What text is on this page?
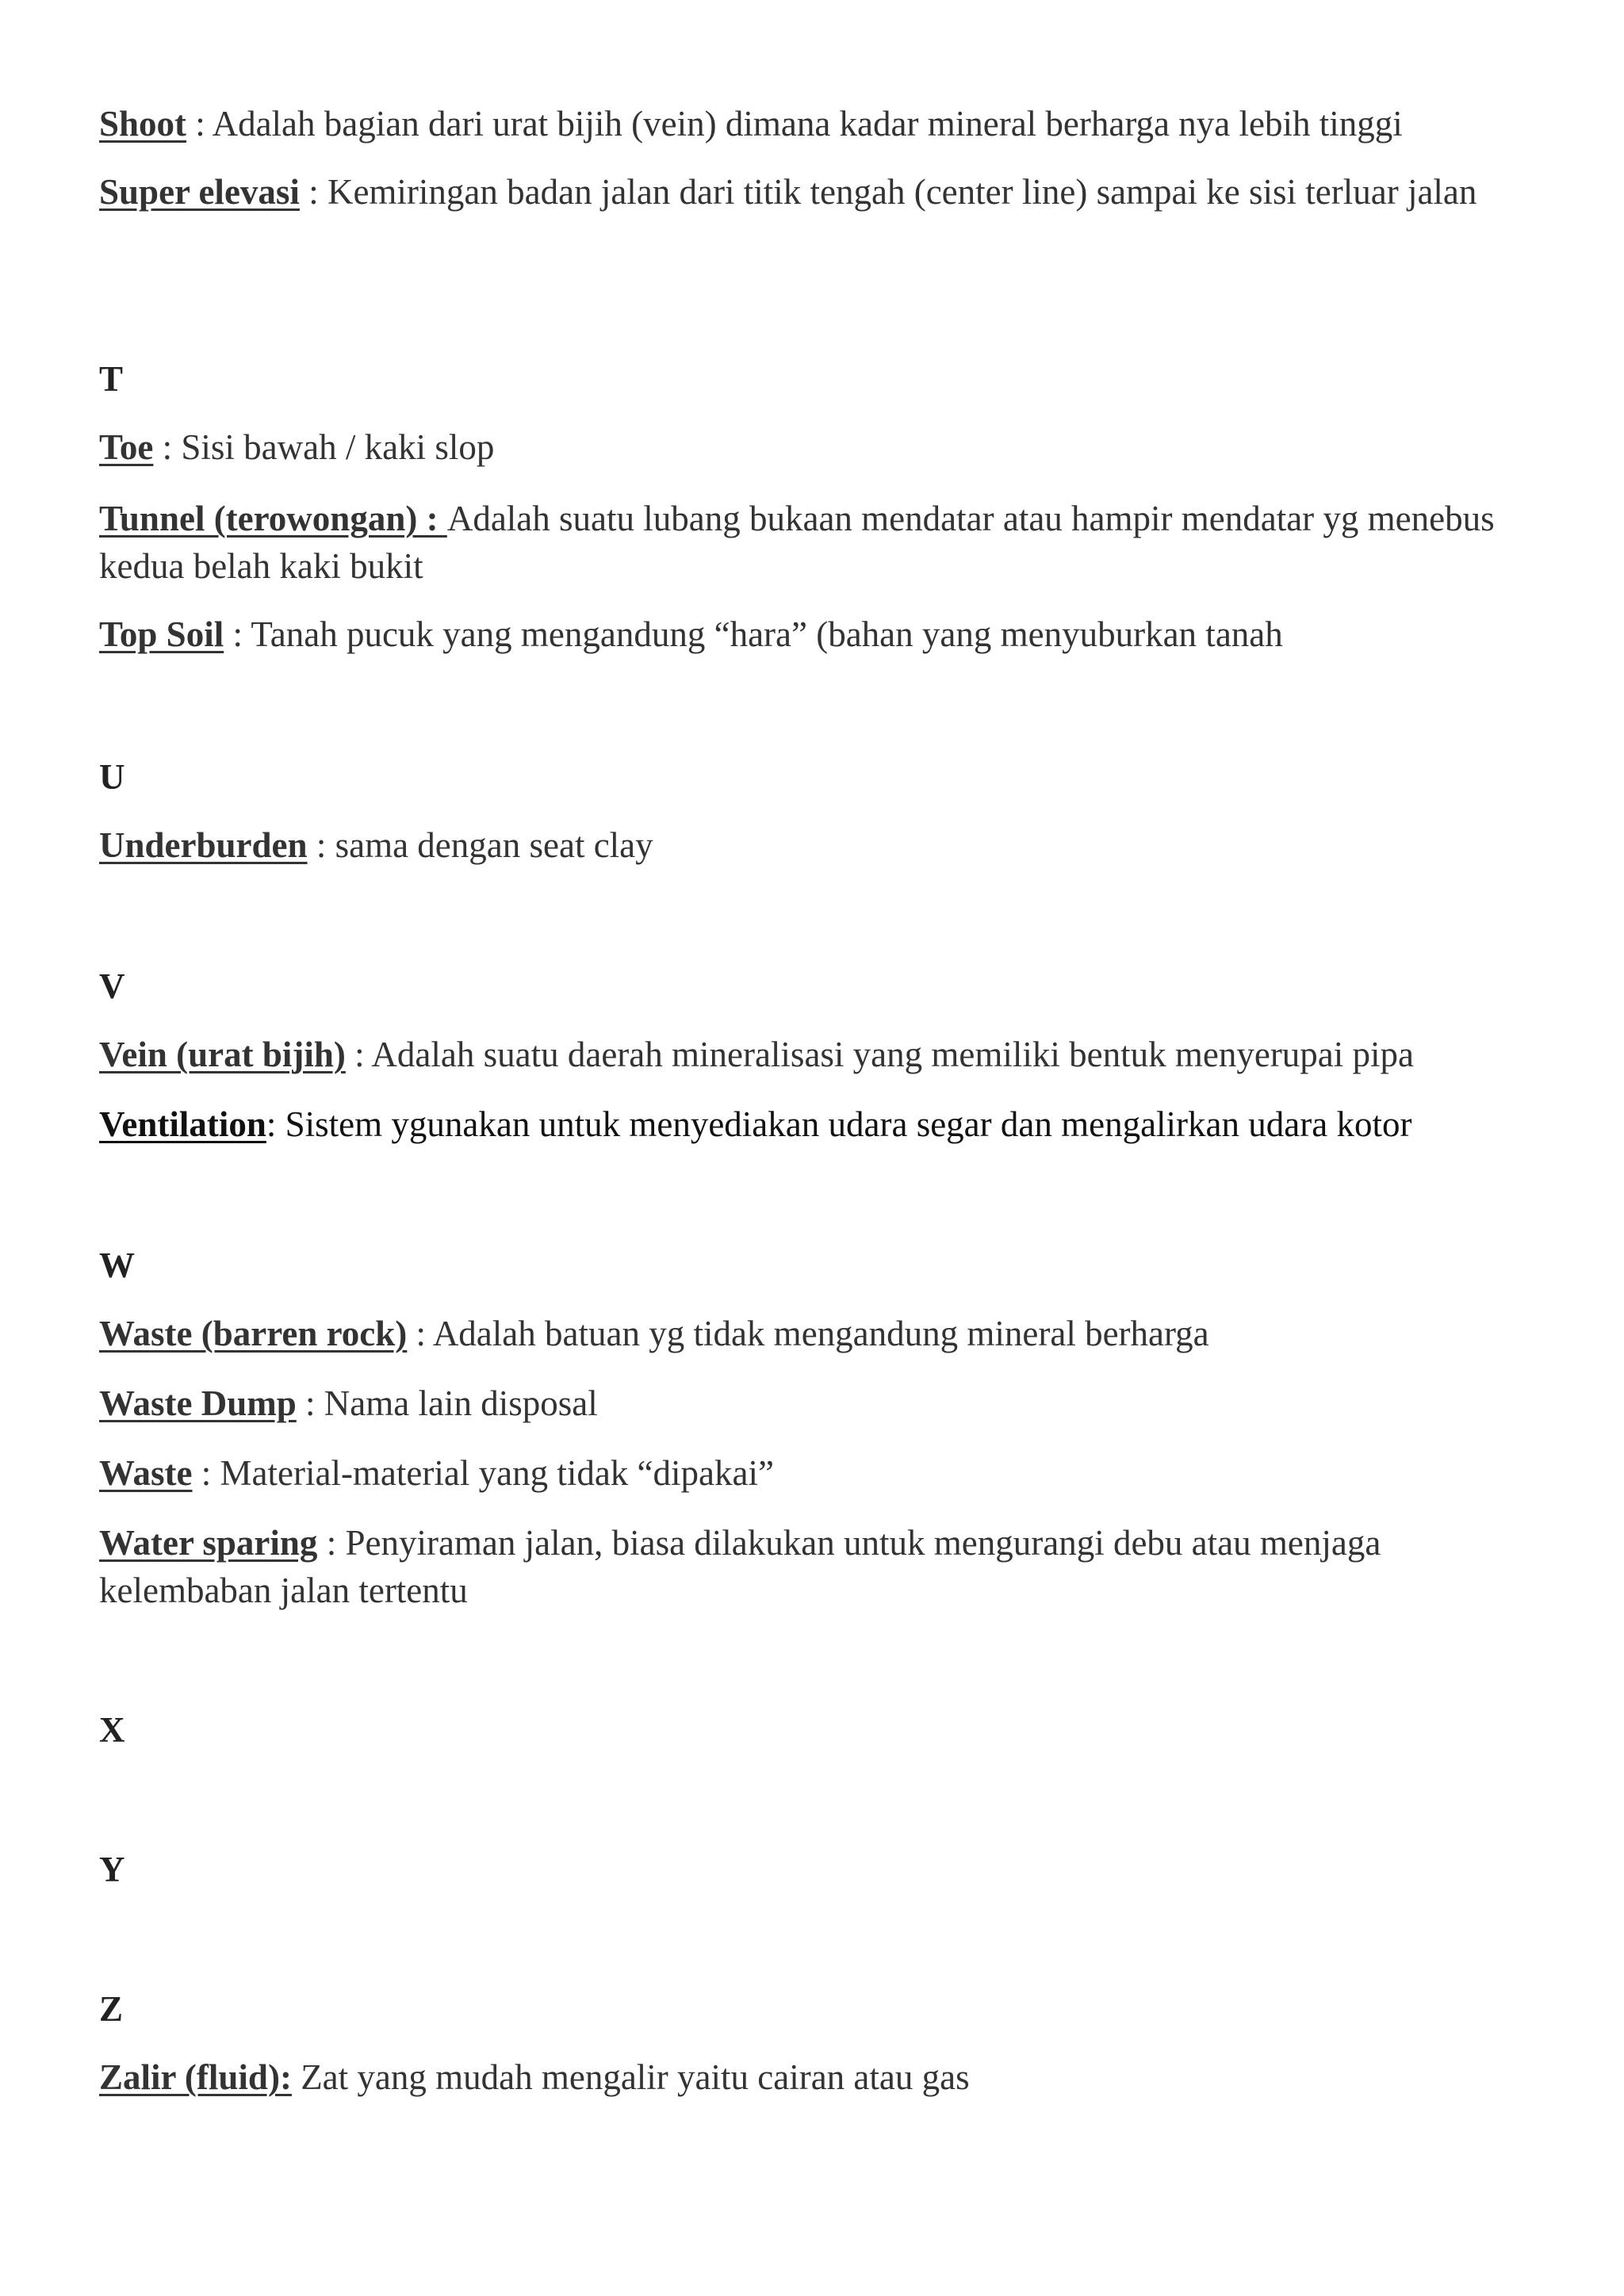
Shoot : Adalah bagian dari urat bijih (vein) dimana kadar mineral berharga nya lebih tinggi
Super elevasi : Kemiringan badan jalan dari titik tengah (center line) sampai ke sisi terluar jalan
T
Toe : Sisi bawah / kaki slop
Tunnel (terowongan) : Adalah suatu lubang bukaan mendatar atau hampir mendatar yg menebus kedua belah kaki bukit
Top Soil : Tanah pucuk yang mengandung “hara” (bahan yang menyuburkan tanah
U
Underburden : sama dengan seat clay
V
Vein (urat bijih) : Adalah suatu daerah mineralisasi yang memiliki bentuk menyerupai pipa
Ventilation: Sistem ygunakan untuk menyediakan udara segar dan mengalirkan udara kotor
W
Waste (barren rock) : Adalah batuan yg tidak mengandung mineral berharga
Waste Dump : Nama lain disposal
Waste : Material-material yang tidak “dipakai”
Water sparing : Penyiraman jalan, biasa dilakukan untuk mengurangi debu atau menjaga kelembaban jalan tertentu
X
Y
Z
Zalir (fluid): Zat yang mudah mengalir yaitu cairan atau gas
